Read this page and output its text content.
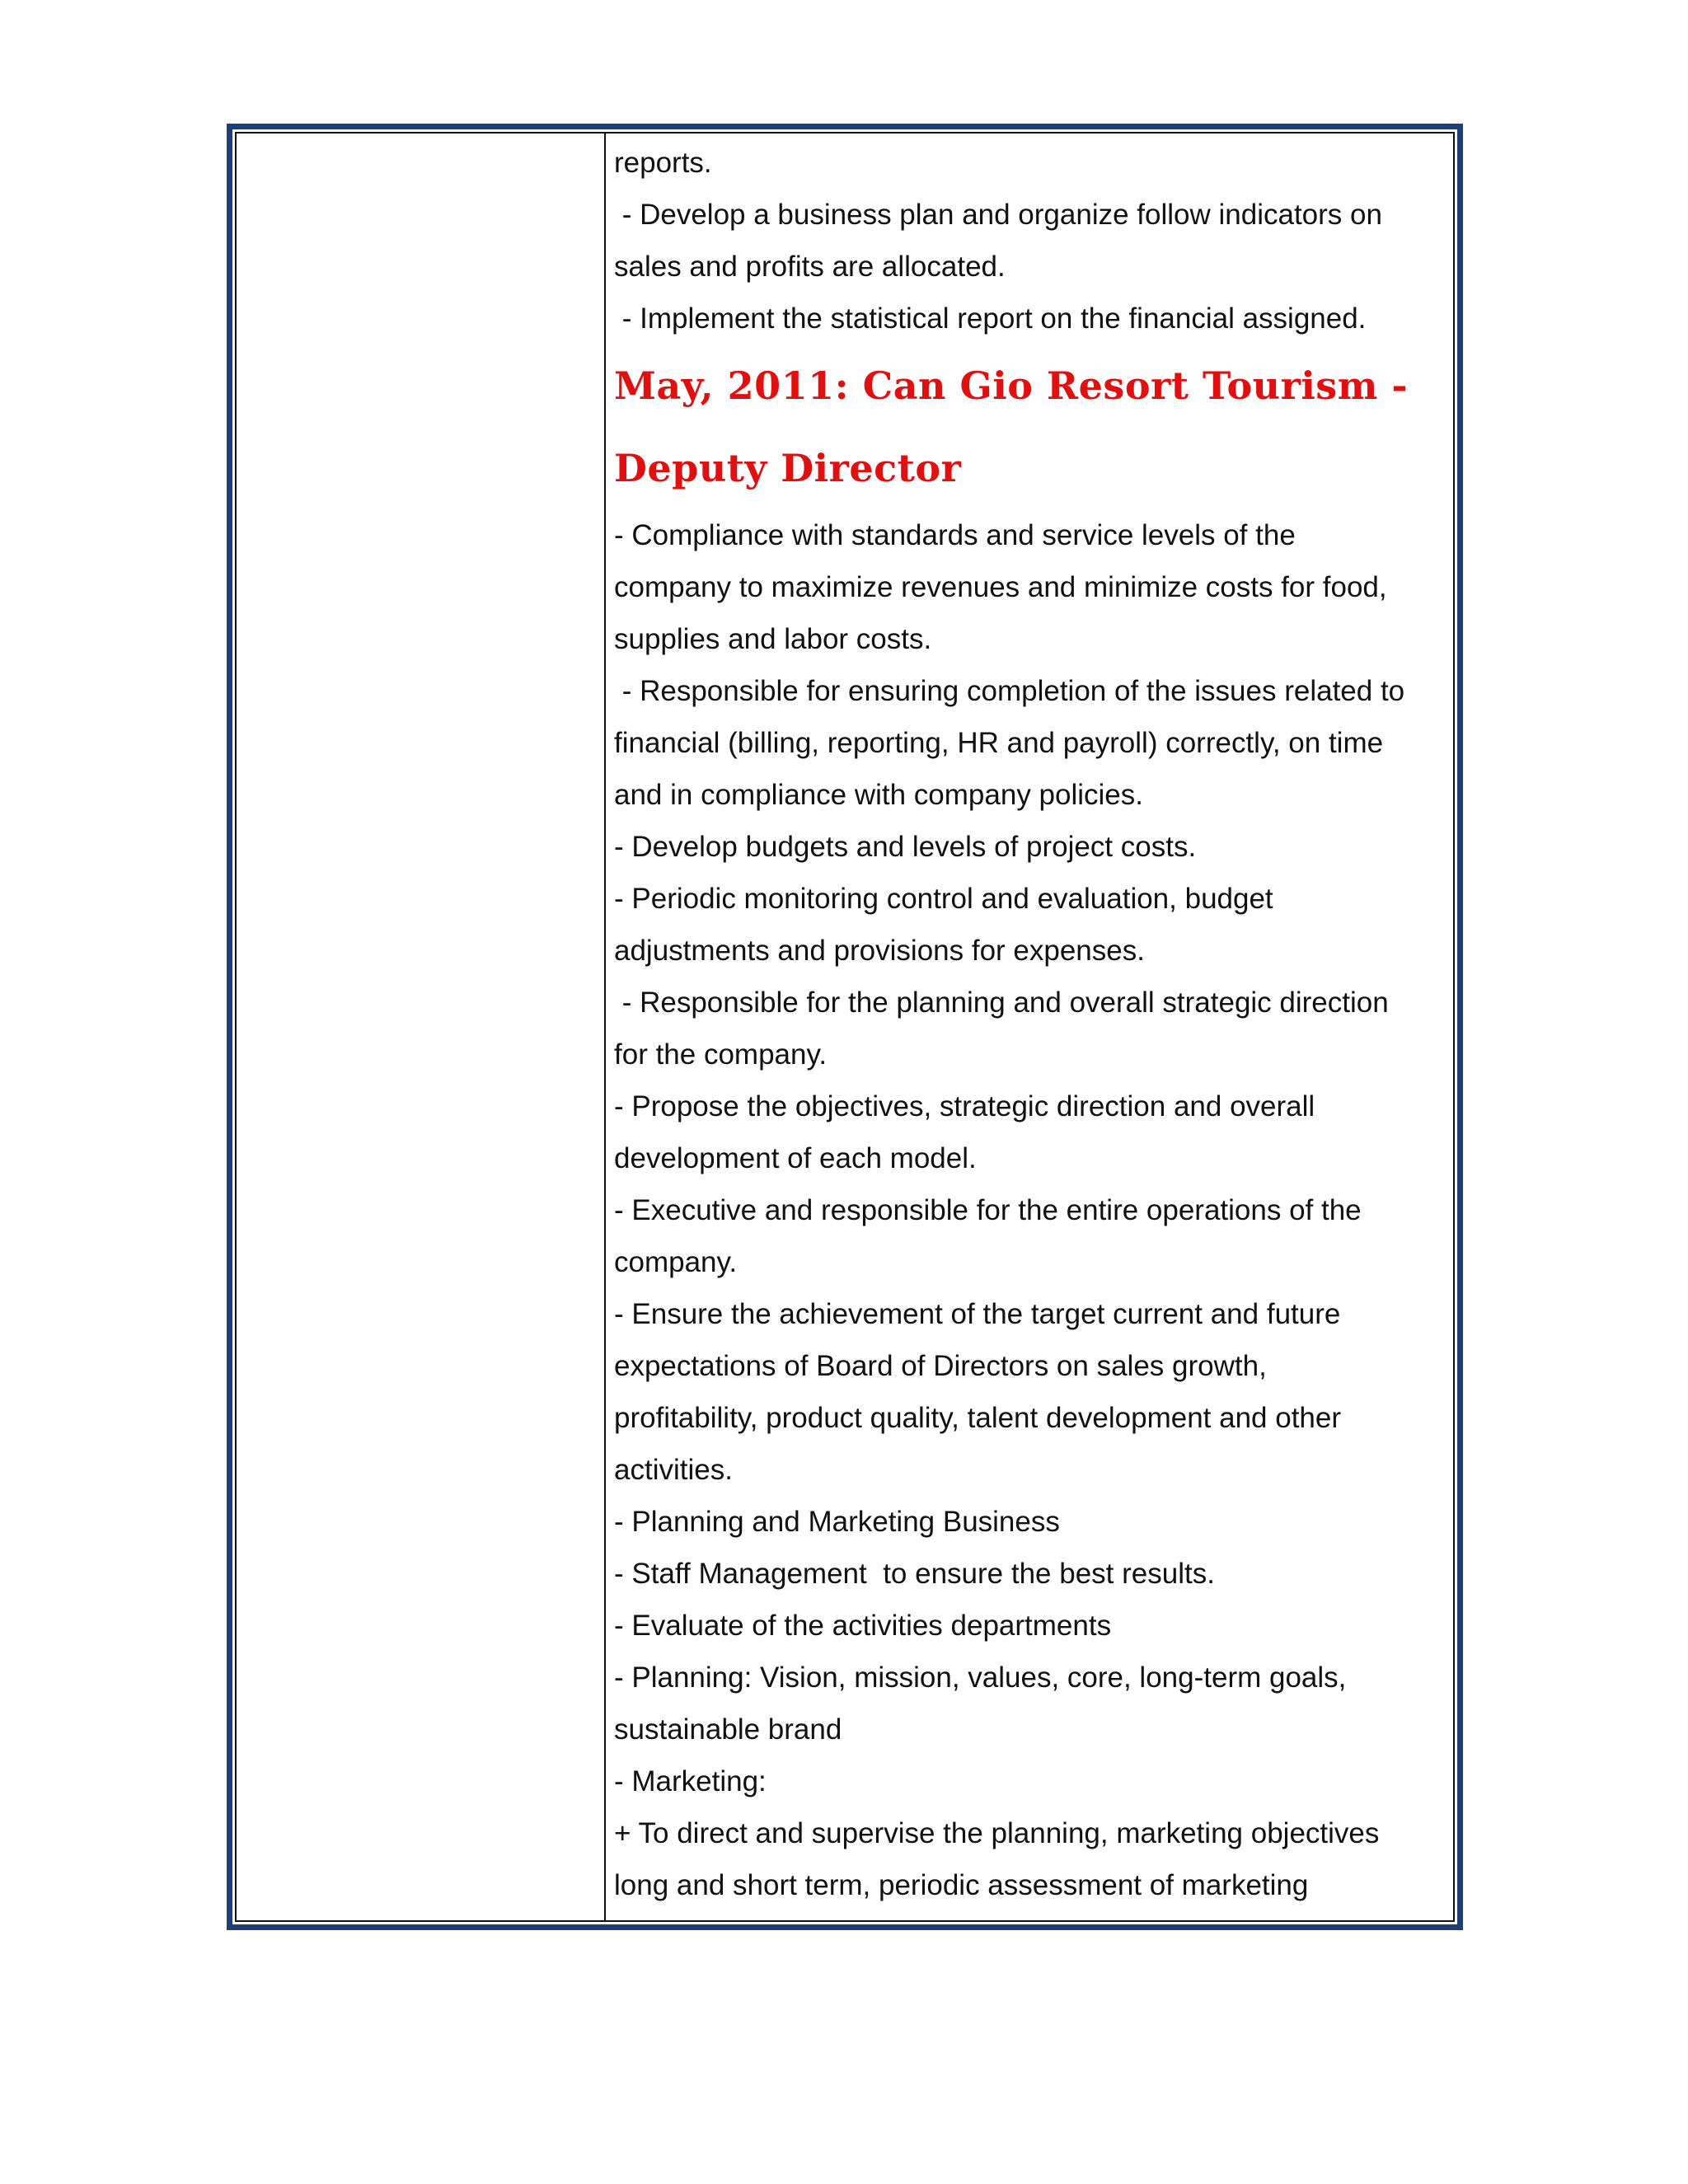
reports.
- Develop a business plan and organize follow indicators on
sales and profits are allocated.
- Implement the statistical report on the financial assigned.
May, 2011: Can Gio Resort Tourism -
Deputy Director
- Compliance with standards and service levels of the
company to maximize revenues and minimize costs for food,
supplies and labor costs.
- Responsible for ensuring completion of the issues related to
financial (billing, reporting, HR and payroll) correctly, on time
and in compliance with company policies.
- Develop budgets and levels of project costs.
- Periodic monitoring control and evaluation, budget
adjustments and provisions for expenses.
- Responsible for the planning and overall strategic direction
for the company.
- Propose the objectives, strategic direction and overall
development of each model.
- Executive and responsible for the entire operations of the
company.
- Ensure the achievement of the target current and future
expectations of Board of Directors on sales growth,
profitability, product quality, talent development and other
activities.
- Planning and Marketing Business
- Staff Management  to ensure the best results.
- Evaluate of the activities departments
- Planning: Vision, mission, values, core, long-term goals,
sustainable brand
- Marketing:
+ To direct and supervise the planning, marketing objectives
long and short term, periodic assessment of marketing
